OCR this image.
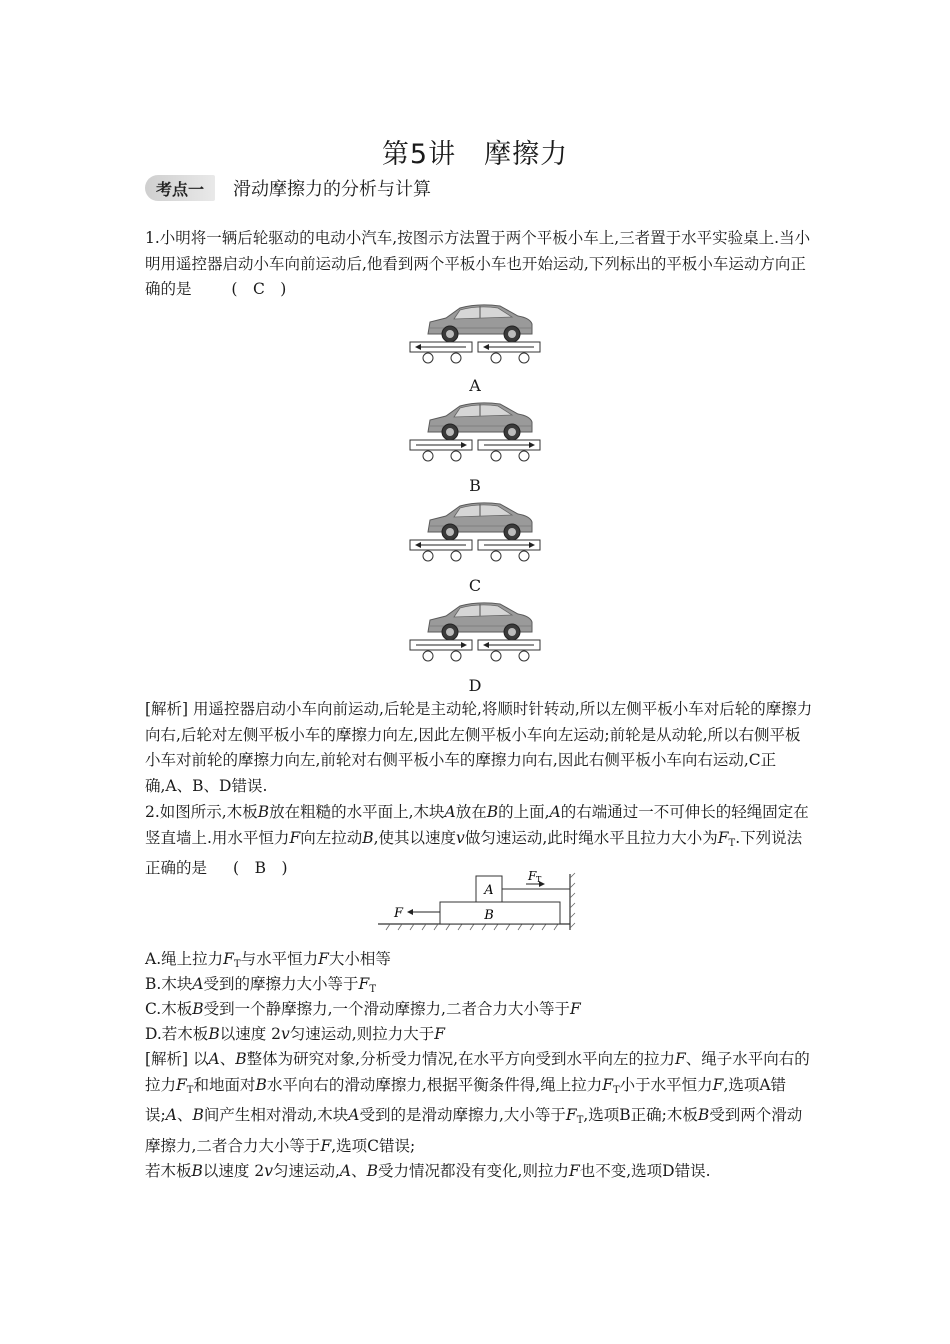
第5讲　摩擦力
考点一	滑动摩擦力的分析与计算
1.小明将一辆后轮驱动的电动小汽车,按图示方法置于两个平板小车上,三者置于水平实验桌上.当小明用遥控器启动小车向前运动后,他看到两个平板小车也开始运动,下列标出的平板小车运动方向正确的是	(　C　)
A
B
C
D
[解析] 用遥控器启动小车向前运动,后轮是主动轮,将顺时针转动,所以左侧平板小车对后轮的摩擦力向右,后轮对左侧平板小车的摩擦力向左,因此左侧平板小车向左运动;前轮是从动轮,所以右侧平板小车对前轮的摩擦力向左,前轮对右侧平板小车的摩擦力向右,因此右侧平板小车向右运动,C正确,A、B、D错误.
2.如图所示,木板B放在粗糙的水平面上,木块A放在B的上面,A的右端通过一不可伸长的轻绳固定在竖直墙上.用水平恒力F向左拉动B,使其以速度v做匀速运动,此时绳水平且拉力大小为$F_T$.下列说法正确的是 (　B　)
A
B
F
F T
A.绳上拉力$F_T$与水平恒力F大小相等
B.木块A受到的摩擦力大小等于$F_T$
C.木板B受到一个静摩擦力,一个滑动摩擦力,二者合力大小等于F
D.若木板B以速度 2v匀速运动,则拉力大于F
[解析] 以A、B整体为研究对象,分析受力情况,在水平方向受到水平向左的拉力F、绳子水平向右的拉力$F_T$和地面对B水平向右的滑动摩擦力,根据平衡条件得,绳上拉力$F_T$小于水平恒力F,选项A错误;A、B间产生相对滑动,木块A受到的是滑动摩擦力,大小等于$F_T$,选项B正确;木板B受到两个滑动摩擦力,二者合力大小等于F,选项C错误;
若木板B以速度 2v匀速运动,A、B受力情况都没有变化,则拉力F也不变,选项D错误.
